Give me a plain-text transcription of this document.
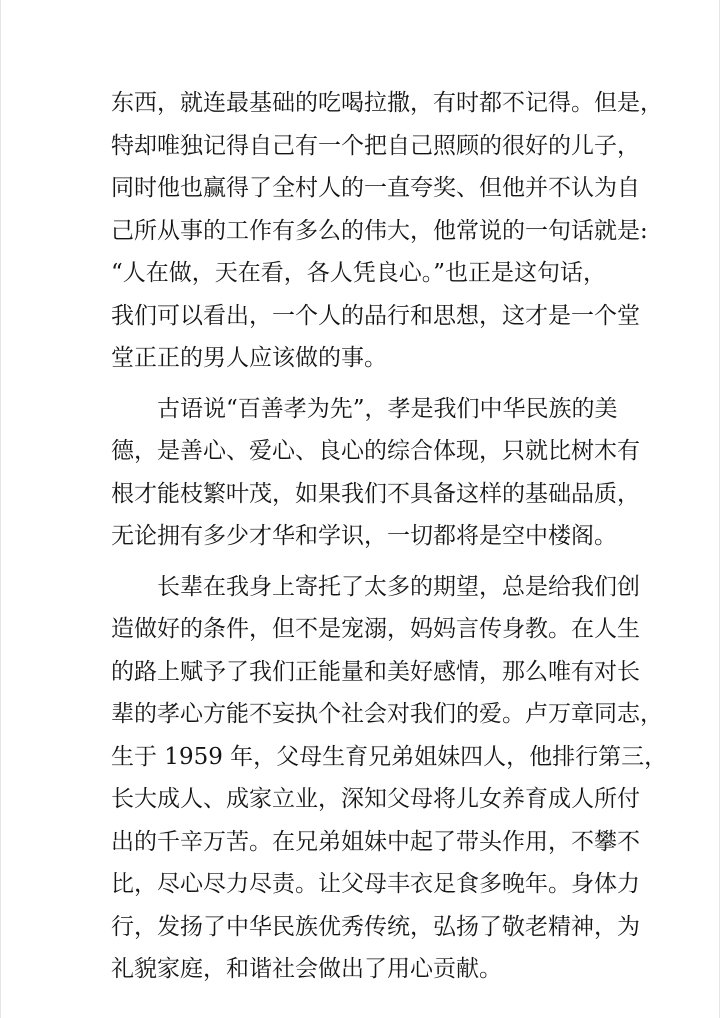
东西，就连最基础的吃喝拉撒，有时都不记得。但是，
特却唯独记得自己有一个把自己照顾的很好的儿子，
同时他也赢得了全村人的一直夸奖、但他并不认为自
己所从事的工作有多么的伟大，他常说的一句话就是:
“人在做，天在看，各人凭良心。”也正是这句话，
我们可以看出，一个人的品行和思想，这才是一个堂
堂正正的男人应该做的事。
古语说“百善孝为先”，孝是我们中华民族的美
德，是善心、爱心、良心的综合体现，只就比树木有
根才能枝繁叶茂，如果我们不具备这样的基础品质，
无论拥有多少才华和学识，一切都将是空中楼阁。
长辈在我身上寄托了太多的期望，总是给我们创
造做好的条件，但不是宠溺，妈妈言传身教。在人生
的路上赋予了我们正能量和美好感情，那么唯有对长
辈的孝心方能不妄执个社会对我们的爱。卢万章同志，
生于 1959 年，父母生育兄弟姐妹四人，他排行第三，
长大成人、成家立业，深知父母将儿女养育成人所付
出的千辛万苦。在兄弟姐妹中起了带头作用，不攀不
比，尽心尽力尽责。让父母丰衣足食多晚年。身体力
行，发扬了中华民族优秀传统，弘扬了敬老精神，为
礼貌家庭，和谐社会做出了用心贡献。
